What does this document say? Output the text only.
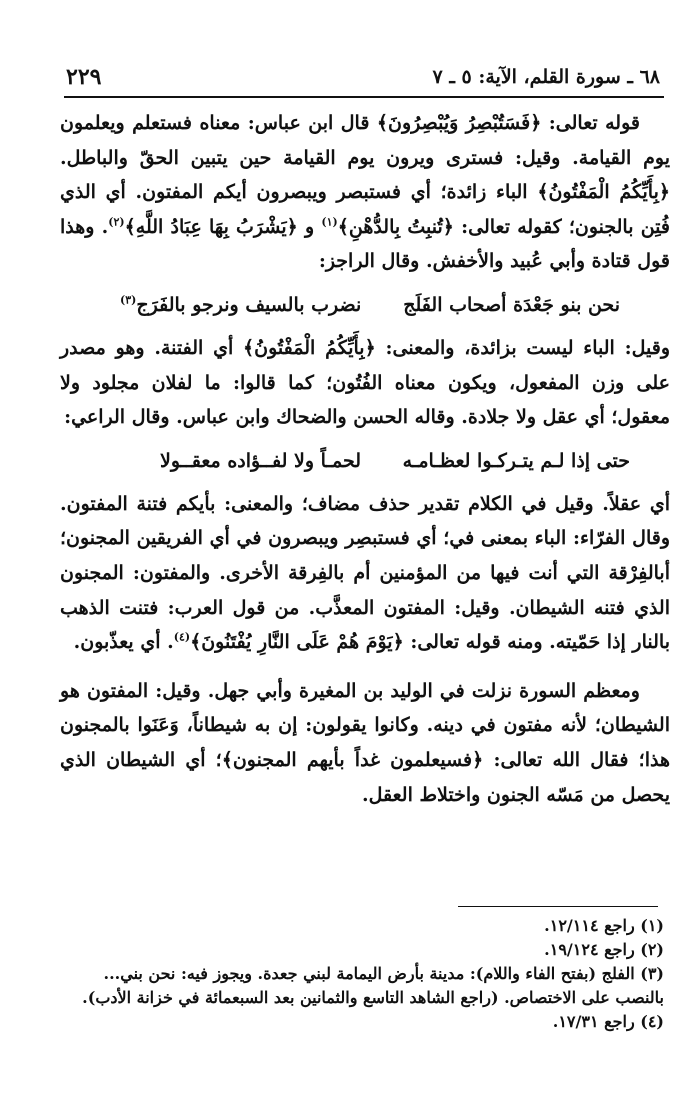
٦٨ ـ سورة القلم، الآية: ٥ ـ ٧
٢٢٩

قوله تعالى: ﴿فَسَتُبْصِرُ وَيُبْصِرُونَ﴾ قال ابن عباس: معناه فستعلم ويعلمون يوم القيامة. وقيل: فسترى ويرون يوم القيامة حين يتبين الحقّ والباطل. ﴿بِأَيِّكُمُ الْمَفْتُونُ﴾ الباء زائدة؛ أي فستبصر ويبصرون أيكم المفتون. أي الذي فُتِن بالجنون؛ كقوله تعالى: ﴿تُنبِتُ بِالدُّهْنِ﴾$^{(١)}$ و ﴿يَشْرَبُ بِهَا عِبَادُ اللَّهِ﴾$^{(٢)}$. وهذا قول قتادة وأبي عُبيد والأخفش. وقال الراجز:

نحن بنو جَعْدَة أصحاب الفَلَج
نضرب بالسيف ونرجو بالفَرَج$^{(٣)}$

وقيل: الباء ليست بزائدة، والمعنى: ﴿بِأَيِّكُمُ الْمَفْتُونُ﴾ أي الفتنة. وهو مصدر على وزن المفعول، ويكون معناه الفُتُون؛ كما قالوا: ما لفلان مجلود ولا معقول؛ أي عقل ولا جلادة. وقاله الحسن والضحاك وابن عباس. وقال الراعي:

حتى إذا لـم يتـركـوا لعظـامـه
لحمـاً ولا لفــؤاده معقــولا

أي عقلاً. وقيل في الكلام تقدير حذف مضاف؛ والمعنى: بأيكم فتنة المفتون. وقال الفرّاء: الباء بمعنى في؛ أي فستبصِر ويبصرون في أي الفريقين المجنون؛ أبالفِرْقة التي أنت فيها من المؤمنين أم بالفِرقة الأخرى. والمفتون: المجنون الذي فتنه الشيطان. وقيل: المفتون المعذَّب. من قول العرب: فتنت الذهب بالنار إذا حَمّيته. ومنه قوله تعالى: ﴿يَوْمَ هُمْ عَلَى النَّارِ يُفْتَنُونَ﴾$^{(٤)}$. أي يعذّبون.

ومعظم السورة نزلت في الوليد بن المغيرة وأبي جهل. وقيل: المفتون هو الشيطان؛ لأنه مفتون في دينه. وكانوا يقولون: إن به شيطاناً، وَعَنَوا بالمجنون هذا؛ فقال الله تعالى: ﴿فسيعلمون غداً بأيهم المجنون﴾؛ أي الشيطان الذي يحصل من مَسّه الجنون واختلاط العقل.

(١) راجع ١٢/١١٤.

(٢) راجع ١٩/١٢٤.

(٣) الفلج (بفتح الفاء واللام): مدينة بأرض اليمامة لبني جعدة. ويجوز فيه: نحن بني... بالنصب على الاختصاص. (راجع الشاهد التاسع والثمانين بعد السبعمائة في خزانة الأدب).

(٤) راجع ١٧/٣١.
